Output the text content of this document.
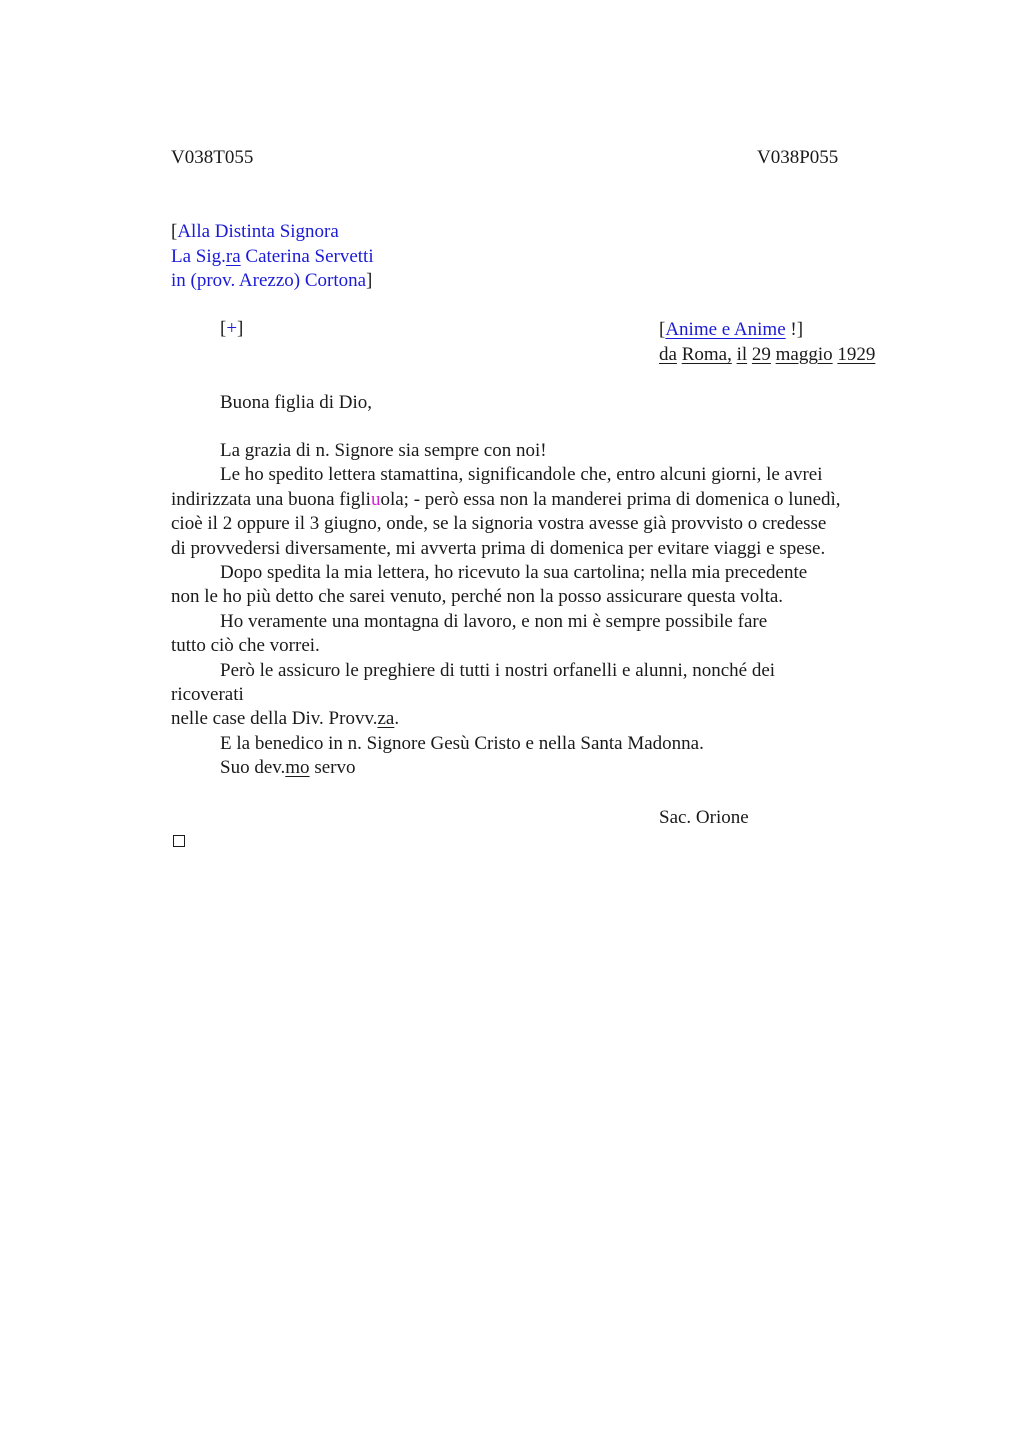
V038T055	V038P055
[Alla Distinta Signora
La Sig.ra Caterina Servetti
in (prov. Arezzo) Cortona]
[+]	[Anime e Anime !]
da Roma, il 29 maggio 1929
Buona figlia di Dio,
La grazia di n. Signore sia sempre con noi!
Le ho spedito lettera stamattina, significandole che, entro alcuni giorni, le avrei
indirizzata una buona figliuola; - però essa non la manderei prima di domenica o lunedì,
cioè il 2 oppure il 3 giugno, onde, se la signoria vostra avesse già provvisto o credesse
di provvedersi diversamente, mi avverta prima di domenica per evitare viaggi e spese.
Dopo spedita la mia lettera, ho ricevuto la sua cartolina; nella mia precedente
non le ho più detto che sarei venuto, perché non la posso assicurare questa volta.
Ho veramente una montagna di lavoro, e non mi è sempre possibile fare
tutto ciò che vorrei.
Però le assicuro le preghiere di tutti i nostri orfanelli e alunni, nonché dei
ricoverati
nelle case della Div. Provv.za.
E la benedico in n. Signore Gesù Cristo e nella Santa Madonna.
Suo dev.mo servo
Sac. Orione
